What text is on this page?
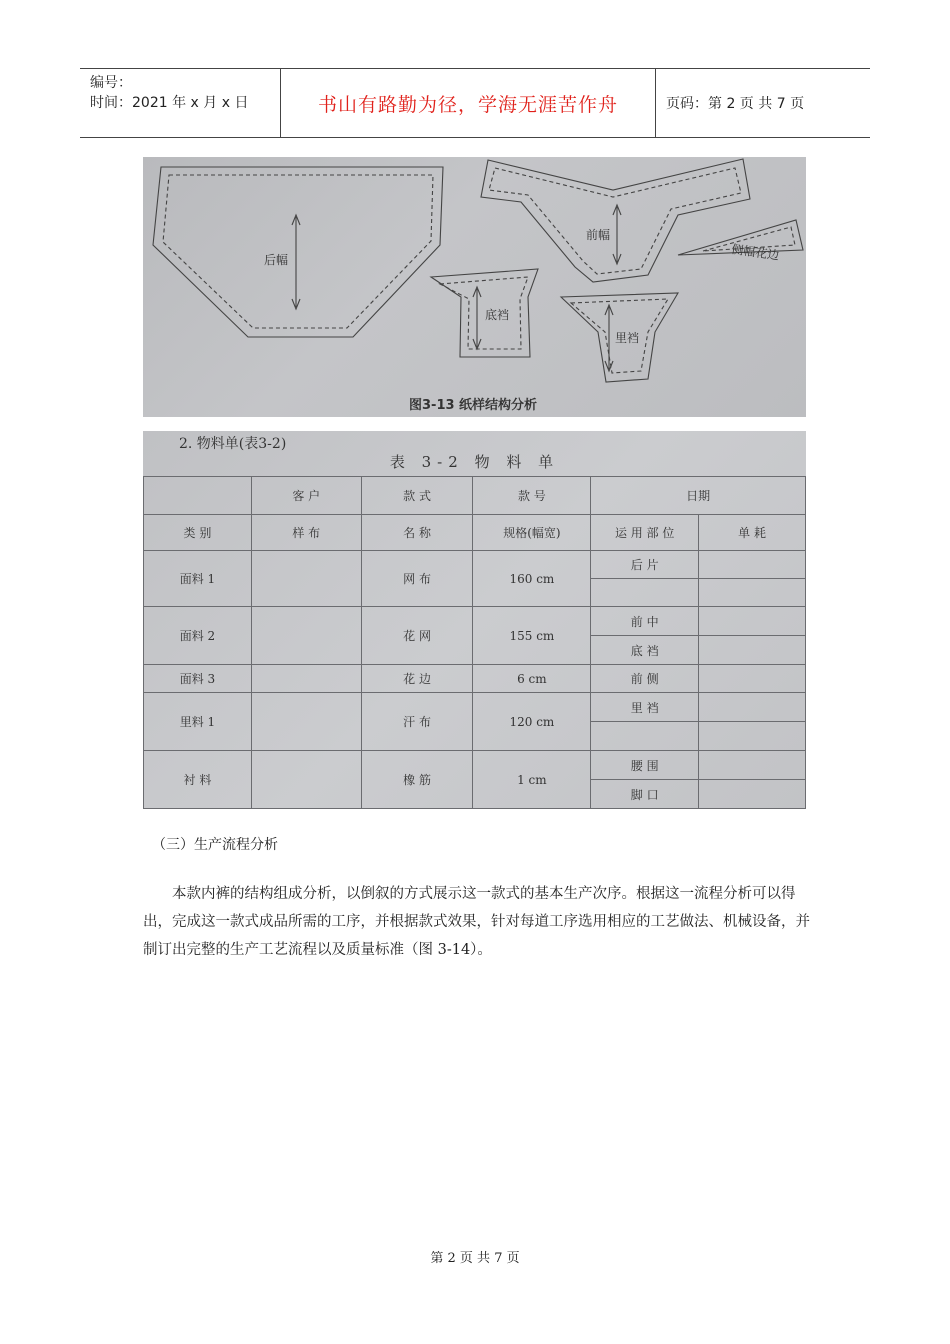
编号：
时间：2021 年 x 月 x 日	书山有路勤为径，学海无涯苦作舟	页码：第 2 页 共 7 页
后幅
前幅
侧幅花边
底裆
里裆
图3-13 纸样结构分析
2. 物料单(表3-2)
表 3-2 物 料 单
	客 户	款 式	款 号	日期	
类 别	样 布	名 称	规格(幅宽)	运 用 部 位	单 耗
面料 1		网 布	160 cm	后 片	

面料 2		花 网	155 cm	前 中	
				底 裆	
面料 3		花 边	6 cm	前 侧	
里料 1		汗 布	120 cm	里 裆	

衬 料		橡 筋	1 cm	腰 围	
				脚 口	
（三）生产流程分析

本款内裤的结构组成分析，以倒叙的方式展示这一款式的基本生产次序。根据这一流程分析可以得出，完成这一款式成品所需的工序，并根据款式效果，针对每道工序选用相应的工艺做法、机械设备，并制订出完整的生产工艺流程以及质量标准（图 3-14）。

第 2 页 共 7 页
